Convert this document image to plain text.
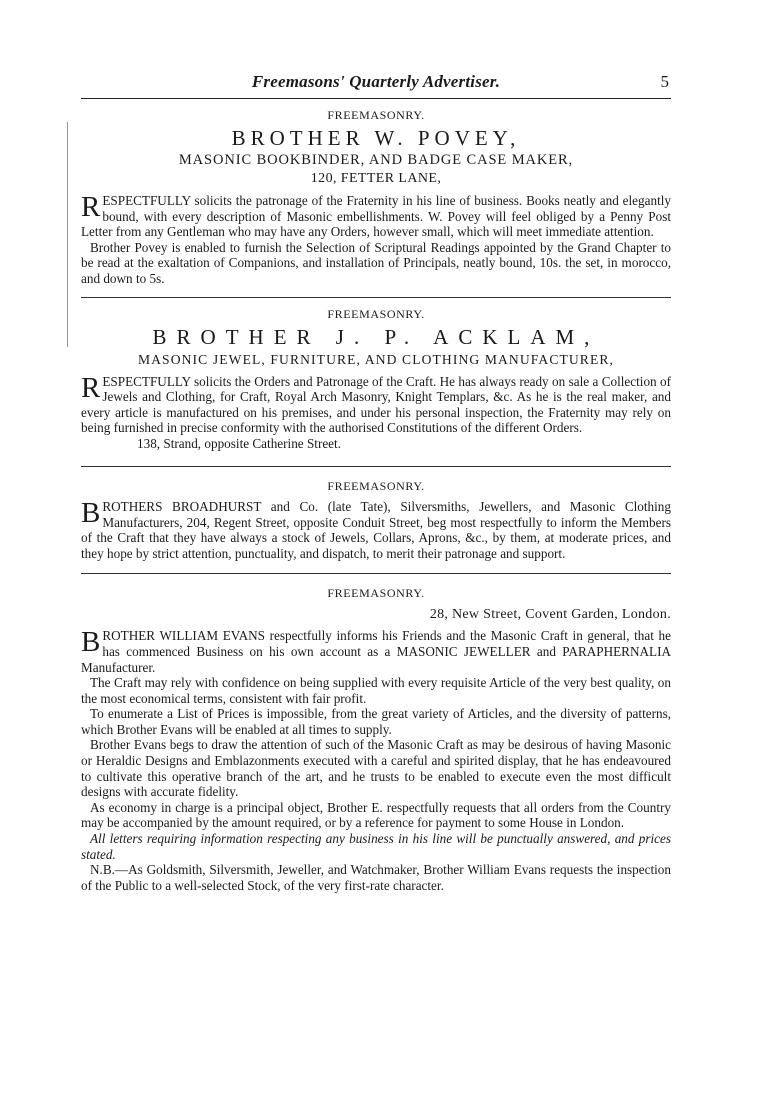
Freemasons' Quarterly Advertiser.	5
FREEMASONRY.
BROTHER W. POVEY,
MASONIC BOOKBINDER, AND BADGE CASE MAKER,
120, FETTER LANE,

RESPECTFULLY solicits the patronage of the Fraternity in his line of business. Books neatly and elegantly bound, with every description of Masonic embellishments. W. Povey will feel obliged by a Penny Post Letter from any Gentleman who may have any Orders, however small, which will meet immediate attention.

Brother Povey is enabled to furnish the Selection of Scriptural Readings appointed by the Grand Chapter to be read at the exaltation of Companions, and installation of Principals, neatly bound, 10s. the set, in morocco, and down to 5s.

FREEMASONRY.
BROTHER J. P. ACKLAM,
MASONIC JEWEL, FURNITURE, AND CLOTHING MANUFACTURER,

RESPECTFULLY solicits the Orders and Patronage of the Craft. He has always ready on sale a Collection of Jewels and Clothing, for Craft, Royal Arch Masonry, Knight Templars, &c. As he is the real maker, and every article is manufactured on his premises, and under his personal inspection, the Fraternity may rely on being furnished in precise conformity with the authorised Constitutions of the different Orders.

138, Strand, opposite Catherine Street.
FREEMASONRY.

BROTHERS BROADHURST and Co. (late Tate), Silversmiths, Jewellers, and Masonic Clothing Manufacturers, 204, Regent Street, opposite Conduit Street, beg most respectfully to inform the Members of the Craft that they have always a stock of Jewels, Collars, Aprons, &c., by them, at moderate prices, and they hope by strict attention, punctuality, and dispatch, to merit their patronage and support.

FREEMASONRY.
28, New Street, Covent Garden, London.

BROTHER WILLIAM EVANS respectfully informs his Friends and the Masonic Craft in general, that he has commenced Business on his own account as a MASONIC JEWELLER and PARAPHERNALIA Manufacturer.

The Craft may rely with confidence on being supplied with every requisite Article of the very best quality, on the most economical terms, consistent with fair profit.

To enumerate a List of Prices is impossible, from the great variety of Articles, and the diversity of patterns, which Brother Evans will be enabled at all times to supply.

Brother Evans begs to draw the attention of such of the Masonic Craft as may be desirous of having Masonic or Heraldic Designs and Emblazonments executed with a careful and spirited display, that he has endeavoured to cultivate this operative branch of the art, and he trusts to be enabled to execute even the most difficult designs with accurate fidelity.

As economy in charge is a principal object, Brother E. respectfully requests that all orders from the Country may be accompanied by the amount required, or by a reference for payment to some House in London.

All letters requiring information respecting any business in his line will be punctually answered, and prices stated.

N.B.—As Goldsmith, Silversmith, Jeweller, and Watchmaker, Brother William Evans requests the inspection of the Public to a well-selected Stock, of the very first-rate character.
